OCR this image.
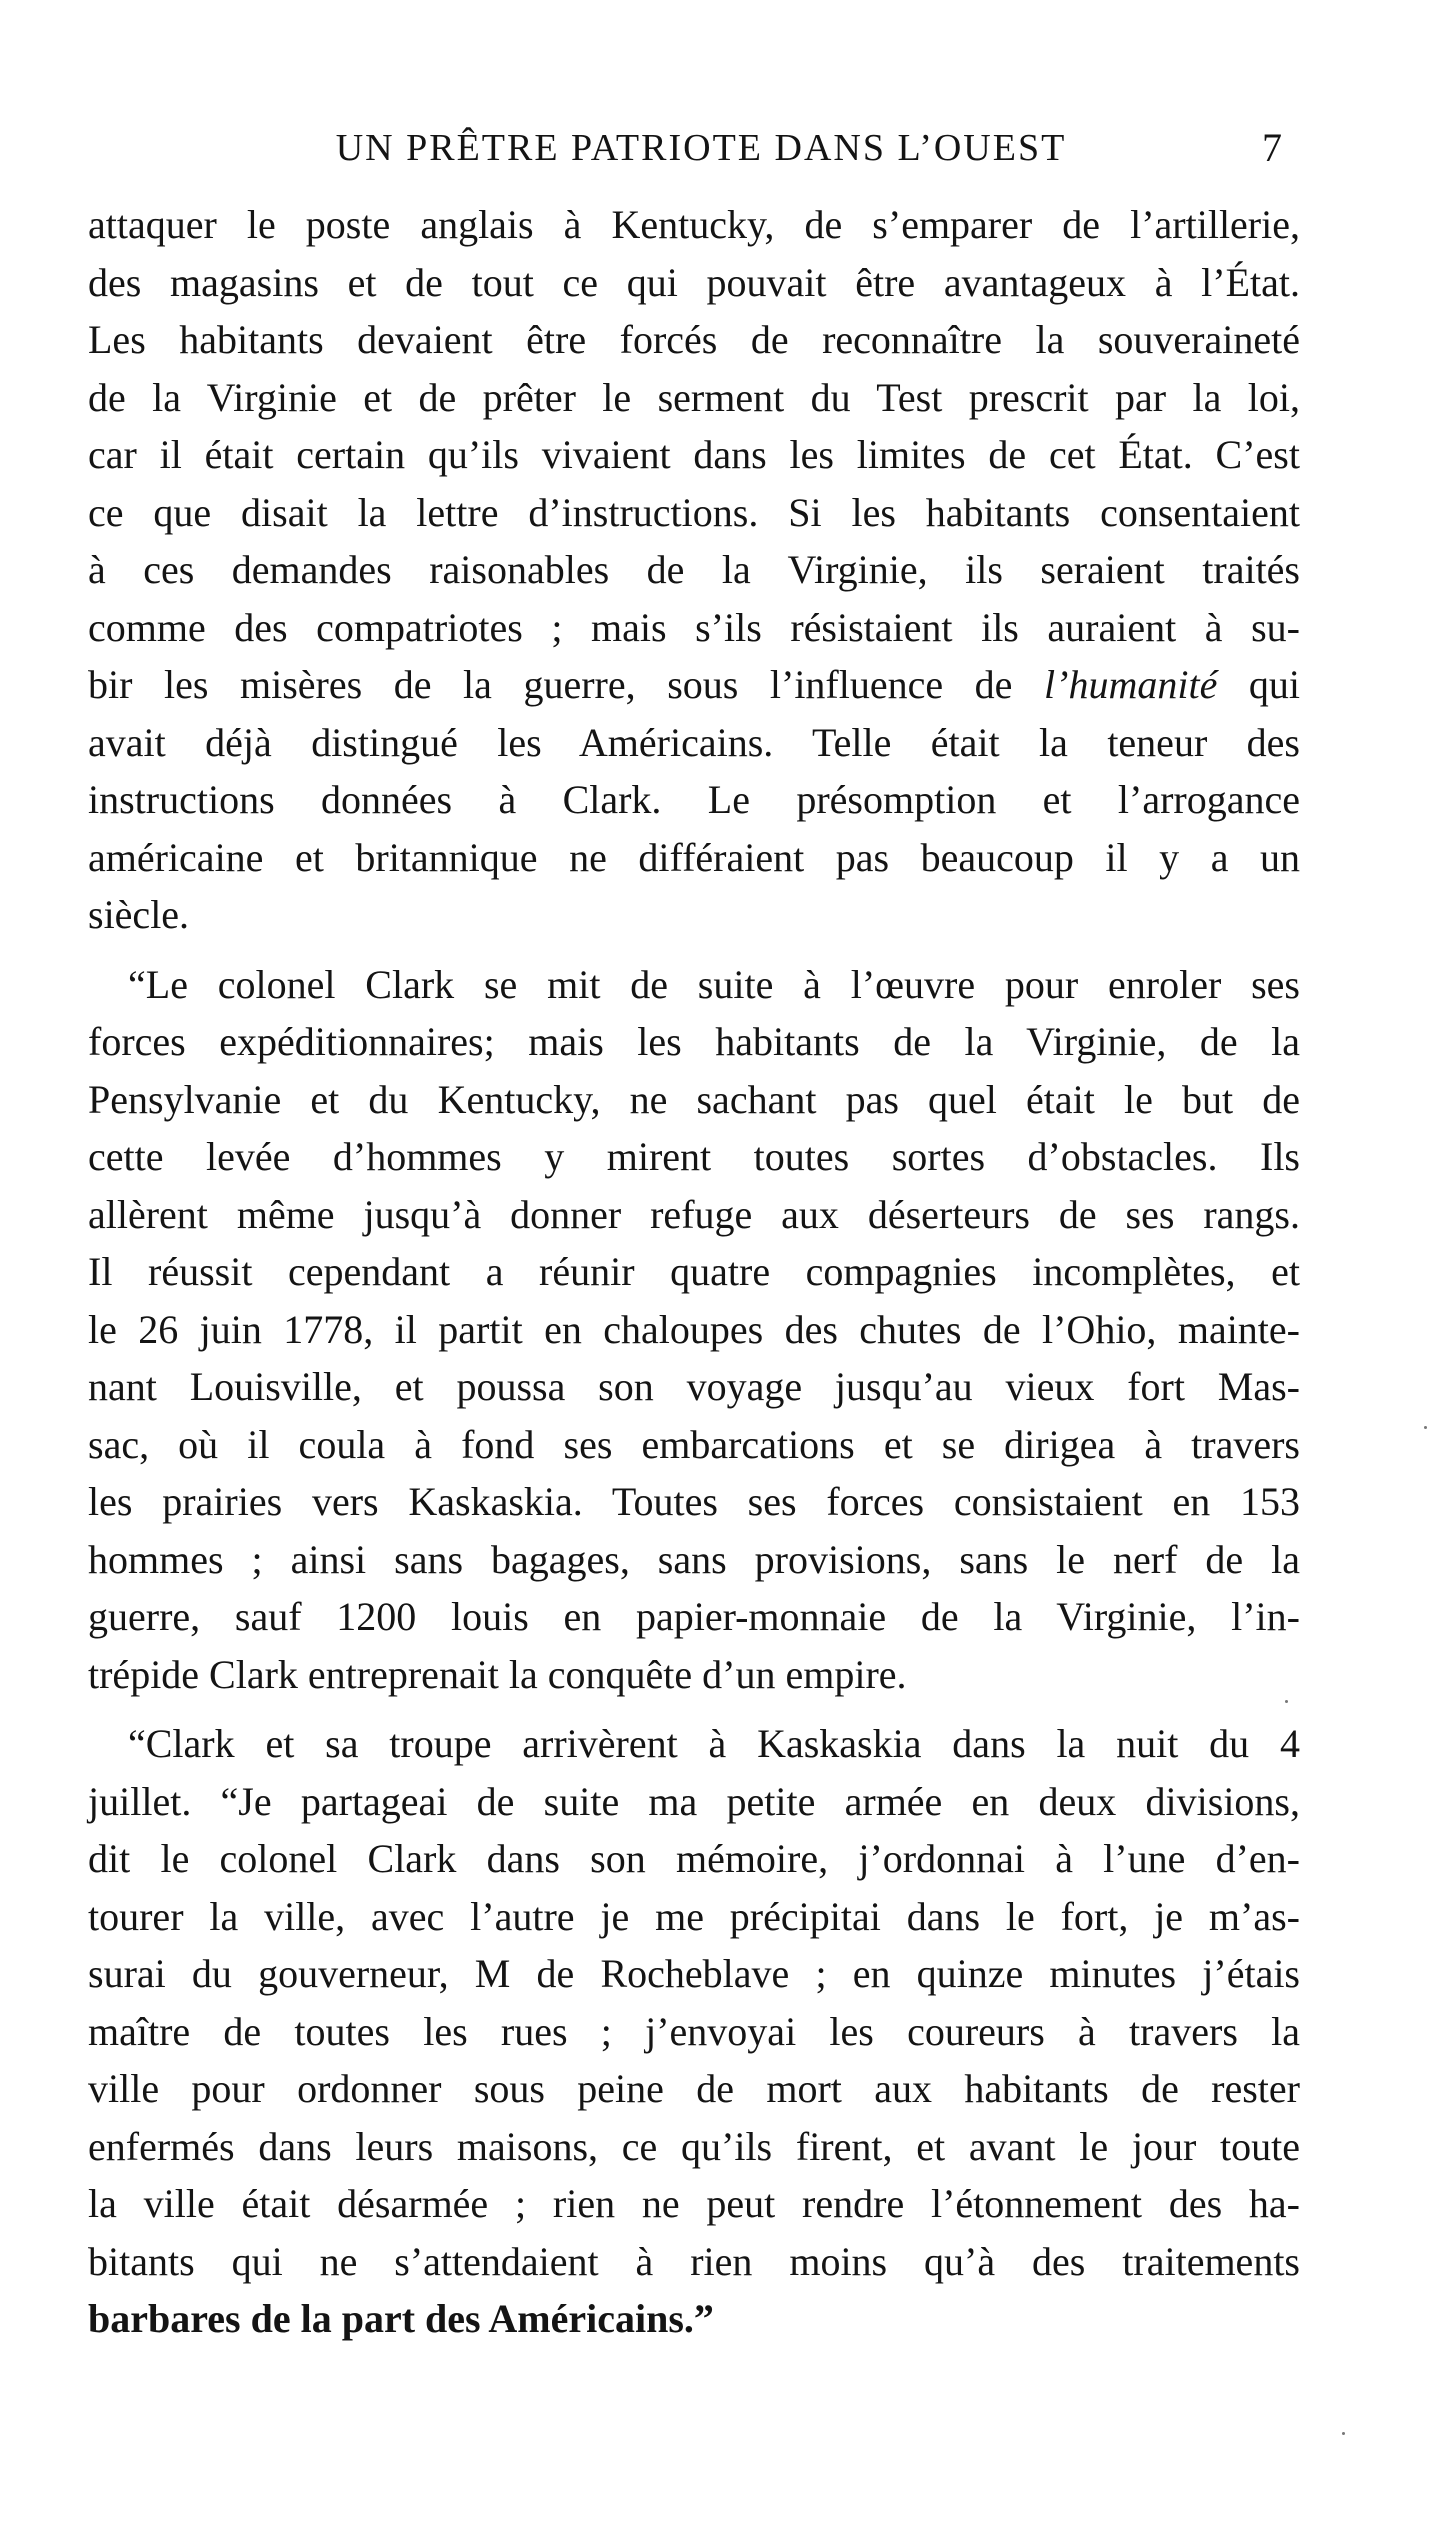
UN PRÊTRE PATRIOTE DANS L’OUEST	7
attaquer le poste anglais à Kentucky, de s’emparer de l’artillerie,
des magasins et de tout ce qui pouvait être avantageux à l’État.
Les habitants devaient être forcés de reconnaître la souveraineté
de la Virginie et de prêter le serment du Test prescrit par la loi,
car il était certain qu’ils vivaient dans les limites de cet État. C’est
ce que disait la lettre d’instructions. Si les habitants consentaient
à ces demandes raisonables de la Virginie, ils seraient traités
comme des compatriotes ; mais s’ils résistaient ils auraient à su-
bir les misères de la guerre, sous l’influence de l’humanité qui
avait déjà distingué les Américains. Telle était la teneur des
instructions données à Clark. Le présomption et l’arrogance
américaine et britannique ne différaient pas beaucoup il y a un
siècle.
“Le colonel Clark se mit de suite à l’œuvre pour enroler ses
forces expéditionnaires; mais les habitants de la Virginie, de la
Pensylvanie et du Kentucky, ne sachant pas quel était le but de
cette levée d’hommes y mirent toutes sortes d’obstacles. Ils
allèrent même jusqu’à donner refuge aux déserteurs de ses rangs.
Il réussit cependant a réunir quatre compagnies incomplètes, et
le 26 juin 1778, il partit en chaloupes des chutes de l’Ohio, mainte-
nant Louisville, et poussa son voyage jusqu’au vieux fort Mas-
sac, où il coula à fond ses embarcations et se dirigea à travers
les prairies vers Kaskaskia. Toutes ses forces consistaient en 153
hommes ; ainsi sans bagages, sans provisions, sans le nerf de la
guerre, sauf 1200 louis en papier-monnaie de la Virginie, l’in-
trépide Clark entreprenait la conquête d’un empire.
“Clark et sa troupe arrivèrent à Kaskaskia dans la nuit du 4
juillet. “Je partageai de suite ma petite armée en deux divisions,
dit le colonel Clark dans son mémoire, j’ordonnai à l’une d’en-
tourer la ville, avec l’autre je me précipitai dans le fort, je m’as-
surai du gouverneur, M de Rocheblave ; en quinze minutes j’étais
maître de toutes les rues ; j’envoyai les coureurs à travers la
ville pour ordonner sous peine de mort aux habitants de rester
enfermés dans leurs maisons, ce qu’ils firent, et avant le jour toute
la ville était désarmée ; rien ne peut rendre l’étonnement des ha-
bitants qui ne s’attendaient à rien moins qu’à des traitements
barbares de la part des Américains.”
